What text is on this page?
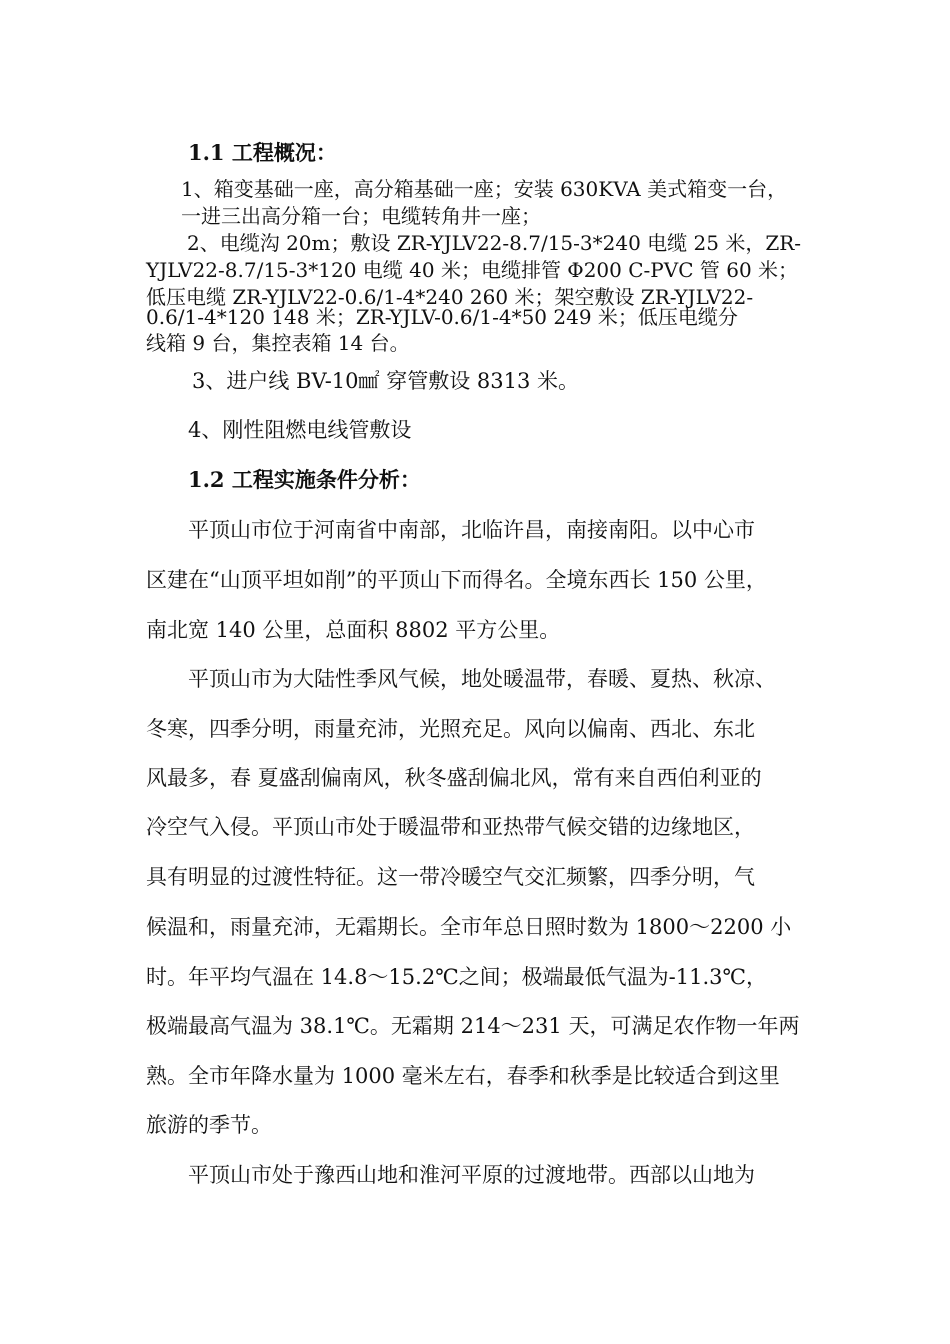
1.1 工程概况：
1、箱变基础一座，高分箱基础一座；安装 630KVA 美式箱变一台，
一进三出高分箱一台；电缆转角井一座；
2、电缆沟 20m；敷设 ZR-YJLV22-8.7/15-3*240 电缆 25 米，ZR-
YJLV22-8.7/15-3*120 电缆 40 米；电缆排管 Φ200 C-PVC 管 60 米；
低压电缆 ZR-YJLV22-0.6/1-4*240 260 米；架空敷设 ZR-YJLV22-
0.6/1-4*120 148 米；ZR-YJLV-0.6/1-4*50 249 米；低压电缆分
线箱 9 台，集控表箱 14 台。
3、进户线 BV-10㎟ 穿管敷设 8313 米。
4、刚性阻燃电线管敷设
1.2 工程实施条件分析：
平顶山市位于河南省中南部，北临许昌，南接南阳。以中心市
区建在“山顶平坦如削”的平顶山下而得名。全境东西长 150 公里，
南北宽 140 公里，总面积 8802 平方公里。
平顶山市为大陆性季风气候，地处暖温带，春暖、夏热、秋凉、
冬寒，四季分明，雨量充沛，光照充足。风向以偏南、西北、东北
风最多，春 夏盛刮偏南风，秋冬盛刮偏北风，常有来自西伯利亚的
冷空气入侵。平顶山市处于暖温带和亚热带气候交错的边缘地区，
具有明显的过渡性特征。这一带冷暖空气交汇频繁，四季分明，气
候温和，雨量充沛，无霜期长。全市年总日照时数为 1800～2200 小
时。年平均气温在 14.8～15.2℃之间；极端最低气温为-11.3℃，
极端最高气温为 38.1℃。无霜期 214～231 天，可满足农作物一年两
熟。全市年降水量为 1000 毫米左右，春季和秋季是比较适合到这里
旅游的季节。
平顶山市处于豫西山地和淮河平原的过渡地带。西部以山地为
